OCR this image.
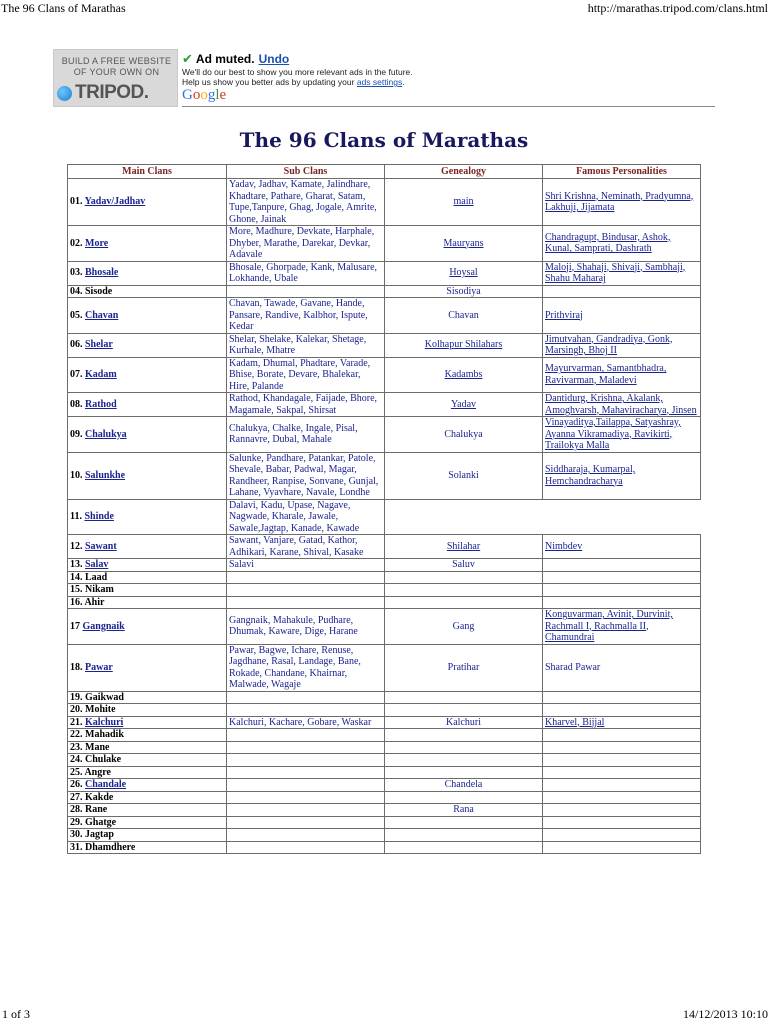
The 96 Clans of Marathas	http://marathas.tripod.com/clans.html
BUILD A FREE WEBSITE
OF YOUR OWN ON
TRIPOD.
✔ Ad muted. Undo
We'll do our best to show you more relevant ads in the future.
Help us show you better ads by updating your ads settings.
Google
The 96 Clans of Marathas
Main Clans	Sub Clans	Genealogy	Famous Personalities
01. Yadav/Jadhav	Yadav, Jadhav, Kamate, Jalindhare, Khadtare, Pathare, Gharat, Satam, Tupe,Tanpure, Ghag, Jogale, Amrite, Ghone, Jainak	main	Shri Krishna, Neminath, Pradyumna, Lakhuji, Jijamata
02. More	More, Madhure, Devkate, Harphale, Dhyber, Marathe, Darekar, Devkar, Adavale	Mauryans	Chandragupt, Bindusar, Ashok, Kunal, Samprati, Dashrath
03. Bhosale	Bhosale, Ghorpade, Kank, Malusare, Lokhande, Ubale	Hoysal	Maloji, Shahaji, Shivaji, Sambhaji, Shahu Maharaj
04. Sisode		Sisodiya	
05. Chavan	Chavan, Tawade, Gavane, Hande, Pansare, Randive, Kalbhor, Ispute, Kedar	Chavan	Prithviraj
06. Shelar	Shelar, Shelake, Kalekar, Shetage, Kurhale, Mhatre	Kolhapur Shilahars	Jimutvahan, Gandradiya, Gonk, Marsingh, Bhoj II
07. Kadam	Kadam, Dhumal, Phadtare, Varade, Bhise, Borate, Devare, Bhalekar, Hire, Palande	Kadambs	Mayurvarman, Samantbhadra, Ravivarman, Maladevi
08. Rathod	Rathod, Khandagale, Faijade, Bhore, Magamale, Sakpal, Shirsat	Yadav	Dantidurg, Krishna, Akalank, Amoghvarsh, Mahaviracharya, Jinsen
09. Chalukya	Chalukya, Chalke, Ingale, Pisal, Rannavre, Dubal, Mahale	Chalukya	Vinayaditya,Tailappa, Satyashray, Ayanna Vikramadiya, Ravikirti, Trailokya Malla
10. Salunkhe	Salunke, Pandhare, Patankar, Patole, Shevale, Babar, Padwal, Magar, Randheer, Ranpise, Sonvane, Gunjal, Lahane, Vyavhare, Navale, Londhe	Solanki	Siddharaja, Kumarpal, Hemchandracharya
11. Shinde	Dalavi, Kadu, Upase, Nagave, Nagwade, Kharale, Jawale, Sawale,Jagtap, Kanade, Kawade		
12. Sawant	Sawant, Vanjare, Gatad, Kathor, Adhikari, Karane, Shival, Kasake	Shilahar	Nimbdev
13. Salav	Salavi	Saluv	
14. Laad			
15. Nikam			
16. Ahir			
17 Gangnaik	Gangnaik, Mahakule, Pudhare, Dhumak, Kaware, Dige, Harane	Gang	Konguvarman, Avinit, Durvinit, Rachmall I, Rachmalla II, Chamundrai
18. Pawar	Pawar, Bagwe, Ichare, Renuse, Jagdhane, Rasal, Landage, Bane, Rokade, Chandane, Khairnar, Malwade, Wagaje	Pratihar	Sharad Pawar
19. Gaikwad			
20. Mohite			
21. Kalchuri	Kalchuri, Kachare, Gobare, Waskar	Kalchuri	Kharvel, Bijjal
22. Mahadik			
23. Mane			
24. Chulake			
25. Angre			
26. Chandale		Chandela	
27. Kakde			
28. Rane		Rana	
29. Ghatge			
30. Jagtap			
31. Dhamdhere			
1 of 3	14/12/2013 10:10
